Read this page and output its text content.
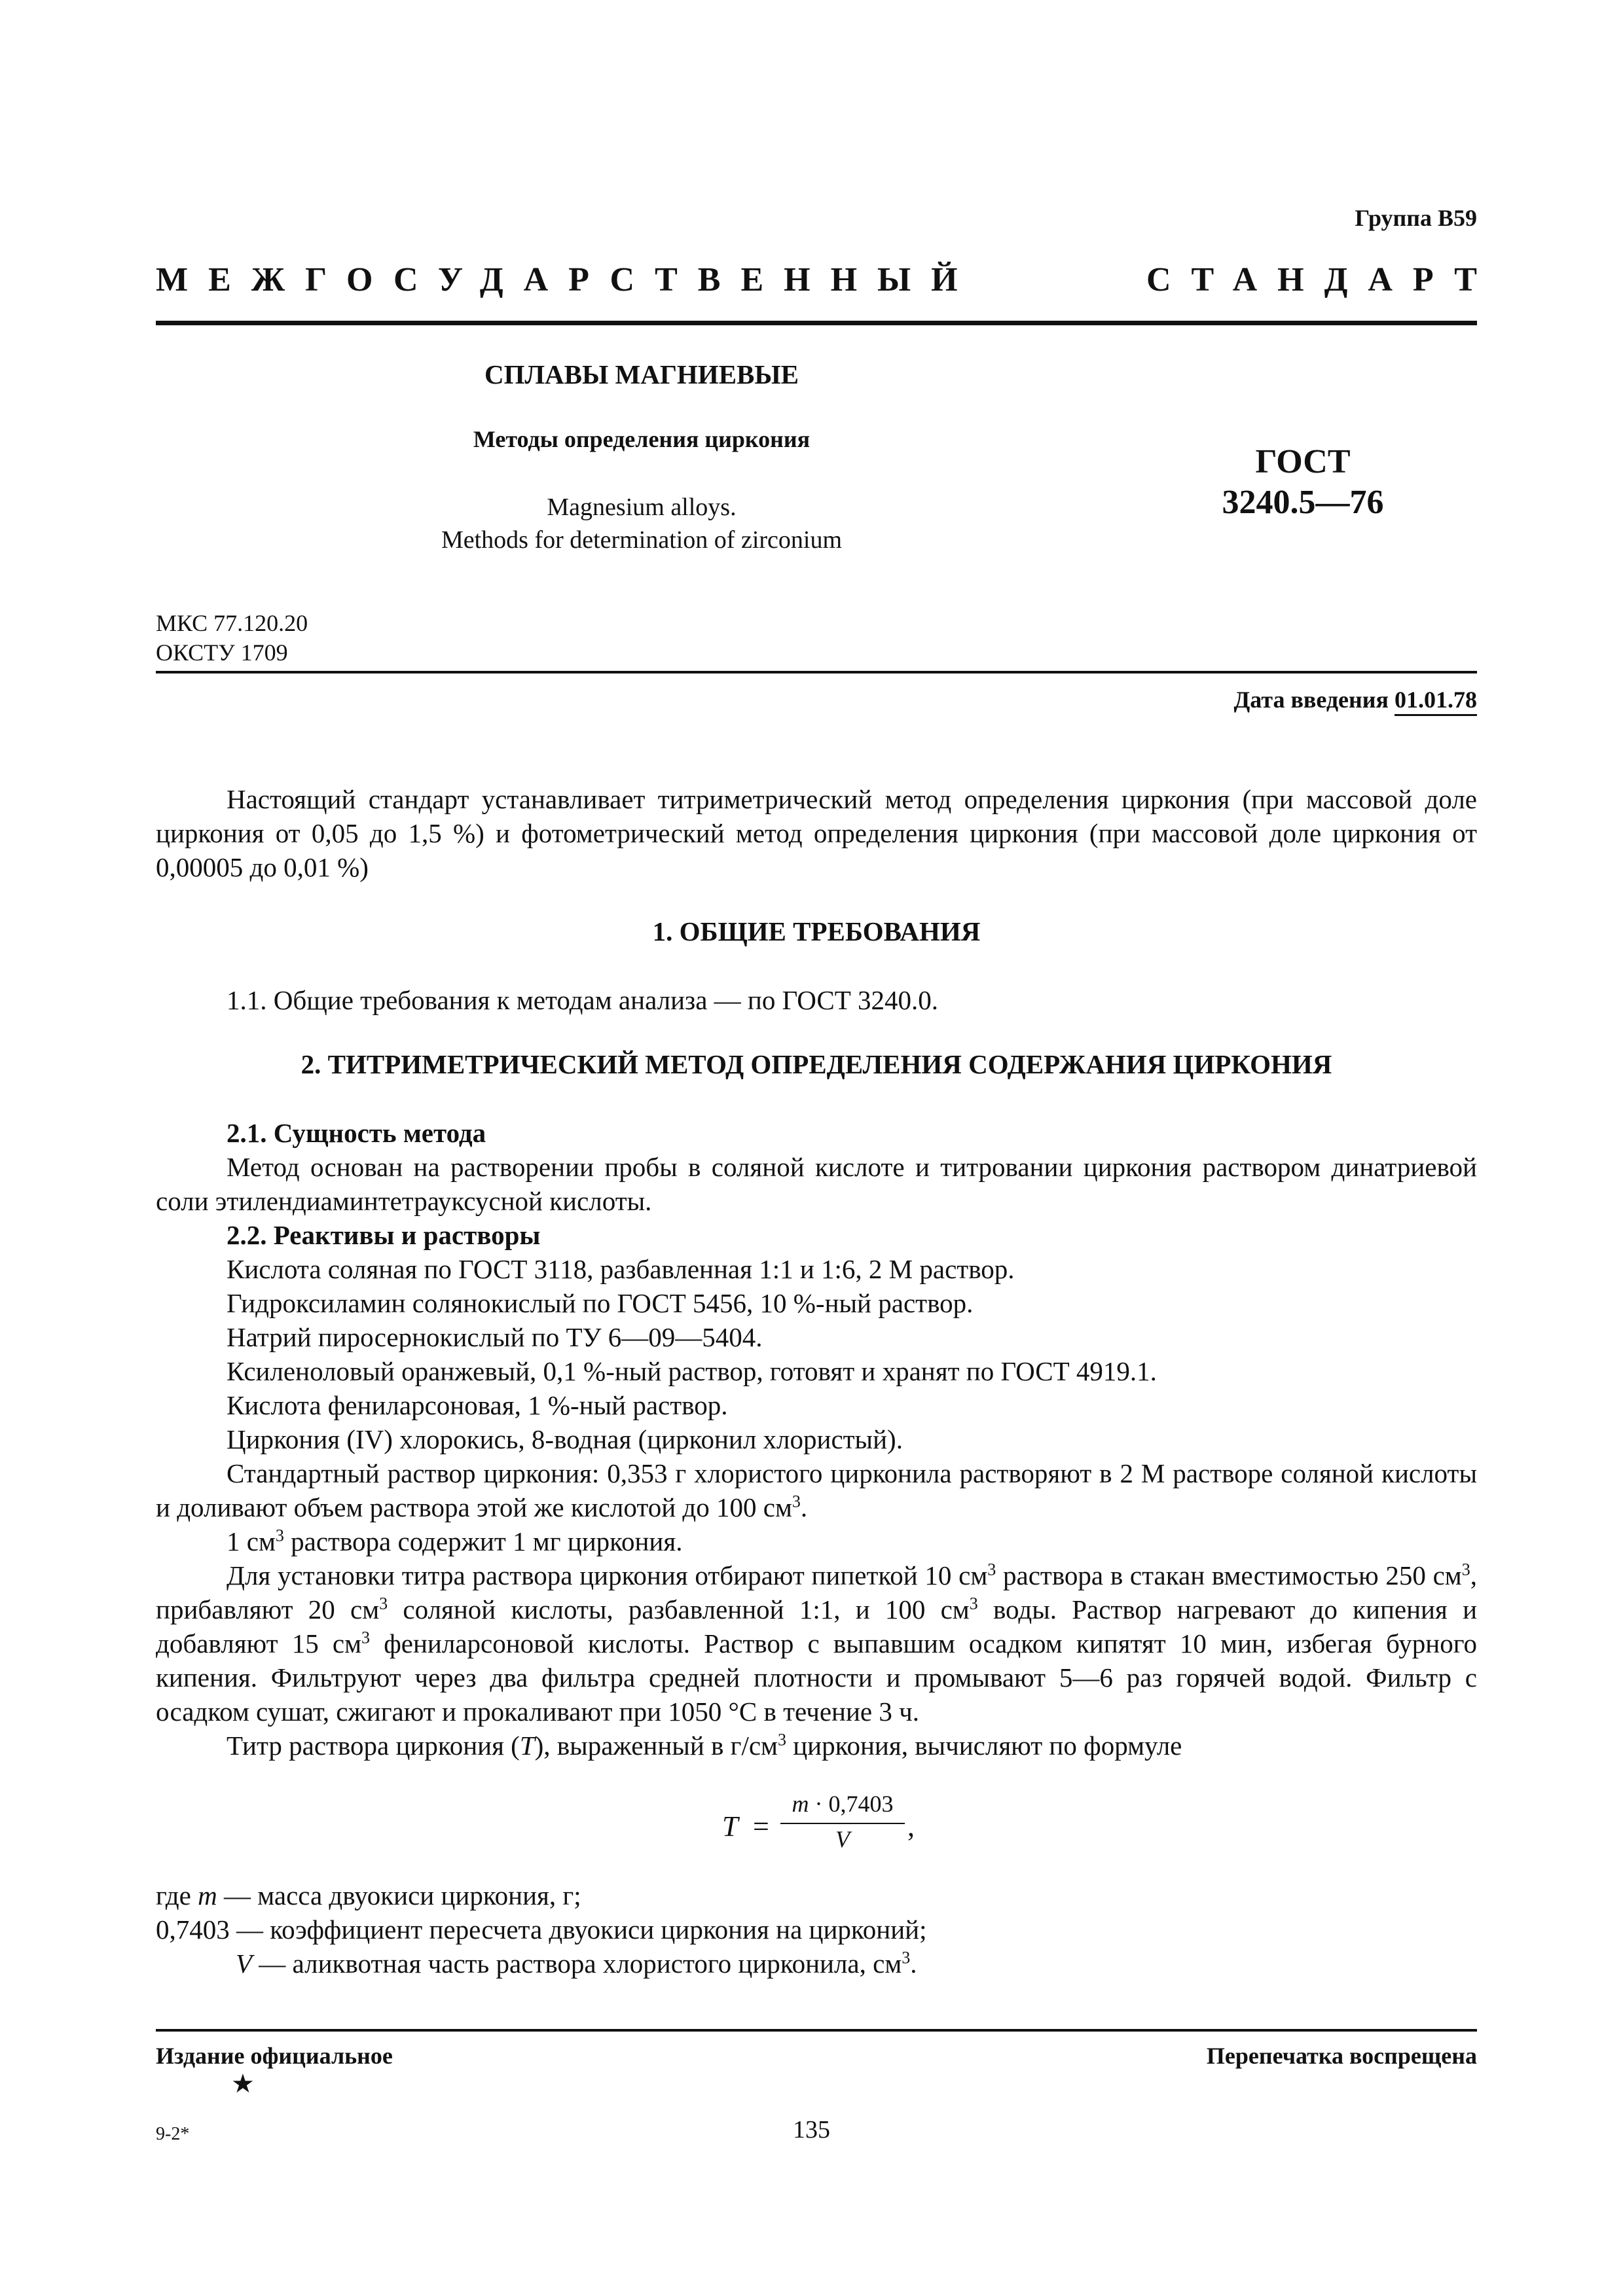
Группа В59
МЕЖГОСУДАРСТВЕННЫЙ	СТАНДАРТ
СПЛАВЫ МАГНИЕВЫЕ
Методы определения циркония
Magnesium alloys.
Methods for determination of zirconium
ГОСТ
3240.5—76
МКС 77.120.20
ОКСТУ 1709
Дата введения 01.01.78

Настоящий стандарт устанавливает титриметрический метод определения циркония (при массовой доле циркония от 0,05 до 1,5 %) и фотометрический метод определения циркония (при массовой доле циркония от 0,00005 до 0,01 %)

1. ОБЩИЕ ТРЕБОВАНИЯ

1.1. Общие требования к методам анализа — по ГОСТ 3240.0.

2. ТИТРИМЕТРИЧЕСКИЙ МЕТОД ОПРЕДЕЛЕНИЯ СОДЕРЖАНИЯ ЦИРКОНИЯ

2.1. Сущность метода

Метод основан на растворении пробы в соляной кислоте и титровании циркония раствором динатриевой соли этилендиаминтетрауксусной кислоты.

2.2. Реактивы и растворы

Кислота соляная по ГОСТ 3118, разбавленная 1:1 и 1:6, 2 М раствор.

Гидроксиламин солянокислый по ГОСТ 5456, 10 %-ный раствор.

Натрий пиросернокислый по ТУ 6—09—5404.

Ксиленоловый оранжевый, 0,1 %-ный раствор, готовят и хранят по ГОСТ 4919.1.

Кислота фениларсоновая, 1 %-ный раствор.

Циркония (IV) хлорокись, 8-водная (цирконил хлористый).

Стандартный раствор циркония: 0,353 г хлористого цирконила растворяют в 2 М растворе соляной кислоты и доливают объем раствора этой же кислотой до 100 $см^3$.

1 $см^3$ раствора содержит 1 мг циркония.

Для установки титра раствора циркония отбирают пипеткой 10 $см^3$ раствора в стакан вместимостью 250 $см^3$, прибавляют 20 $см^3$ соляной кислоты, разбавленной 1:1, и 100 $см^3$ воды. Раствор нагревают до кипения и добавляют 15 $см^3$ фениларсоновой кислоты. Раствор с выпавшим осадком кипятят 10 мин, избегая бурного кипения. Фильтруют через два фильтра средней плотности и промывают 5—6 раз горячей водой. Фильтр с осадком сушат, сжигают и прокаливают при 1050 °C в течение 3 ч.

Титр раствора циркония (T), выраженный в $г/см^3$ циркония, вычисляют по формуле

T =
m · 0,7403
V	,
где m — масса двуокиси циркония, г;
0,7403 — коэффициент пересчета двуокиси циркония на цирконий;
V — аликвотная часть раствора хлористого цирконила, $см^3$.
Издание официальное
★
Перепечатка воспрещена
9-2*	135
